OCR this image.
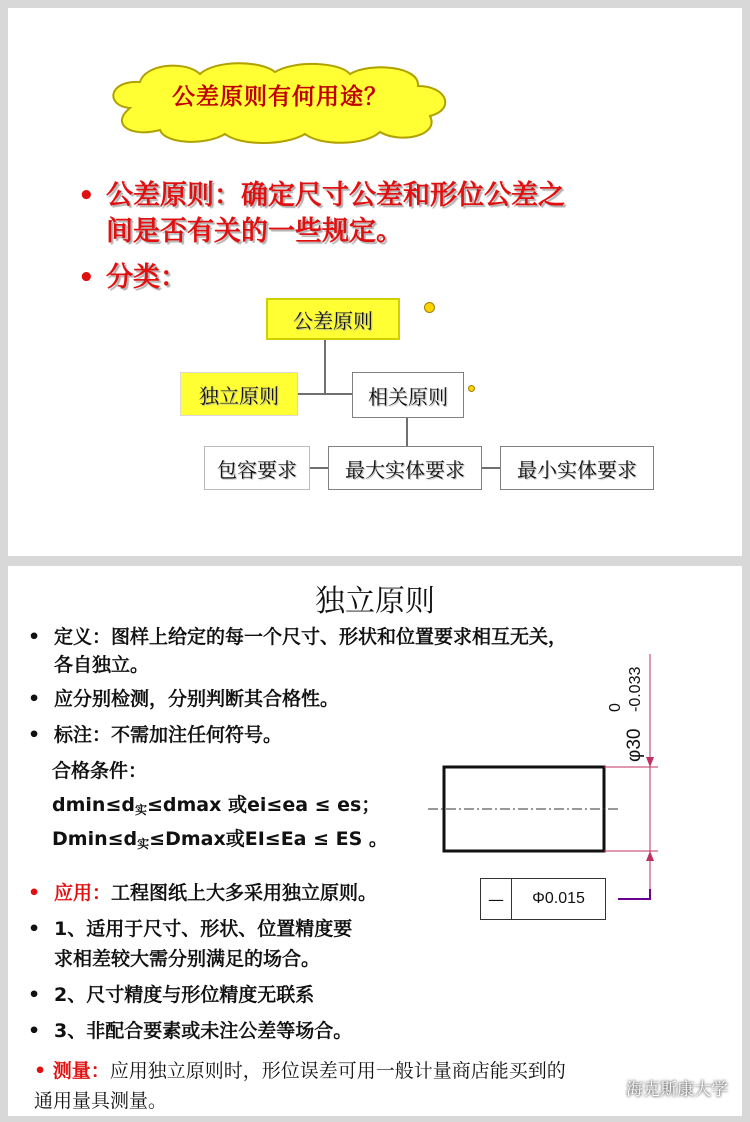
公差原则有何用途？
• 公差原则：确定尺寸公差和形位公差之
间是否有关的一些规定。
• 分类：
公差原则
独立原则	相关原则
包容要求	最大实体要求	最小实体要求
独立原则
• 定义：图样上给定的每一个尺寸、形状和位置要求相互无关，
各自独立。
• 应分别检测，分别判断其合格性。
• 标注：不需加注任何符号。
合格条件：
$dmin\le d_实\le dmax$ 或ei≤ea ≤ es；
$Dmin\le d_实\le Dmax$或EI≤Ea ≤ ES 。
• 应用：工程图纸上大多采用独立原则。
• 1、适用于尺寸、形状、位置精度要
求相差较大需分别满足的场合。
• 2、尺寸精度与形位精度无联系
• 3、非配合要素或未注公差等场合。
• 测量：应用独立原则时，形位误差可用一般计量商店能买到的
通用量具测量。
φ30
0 -0.033
—	Φ0.015
海克斯康大学
